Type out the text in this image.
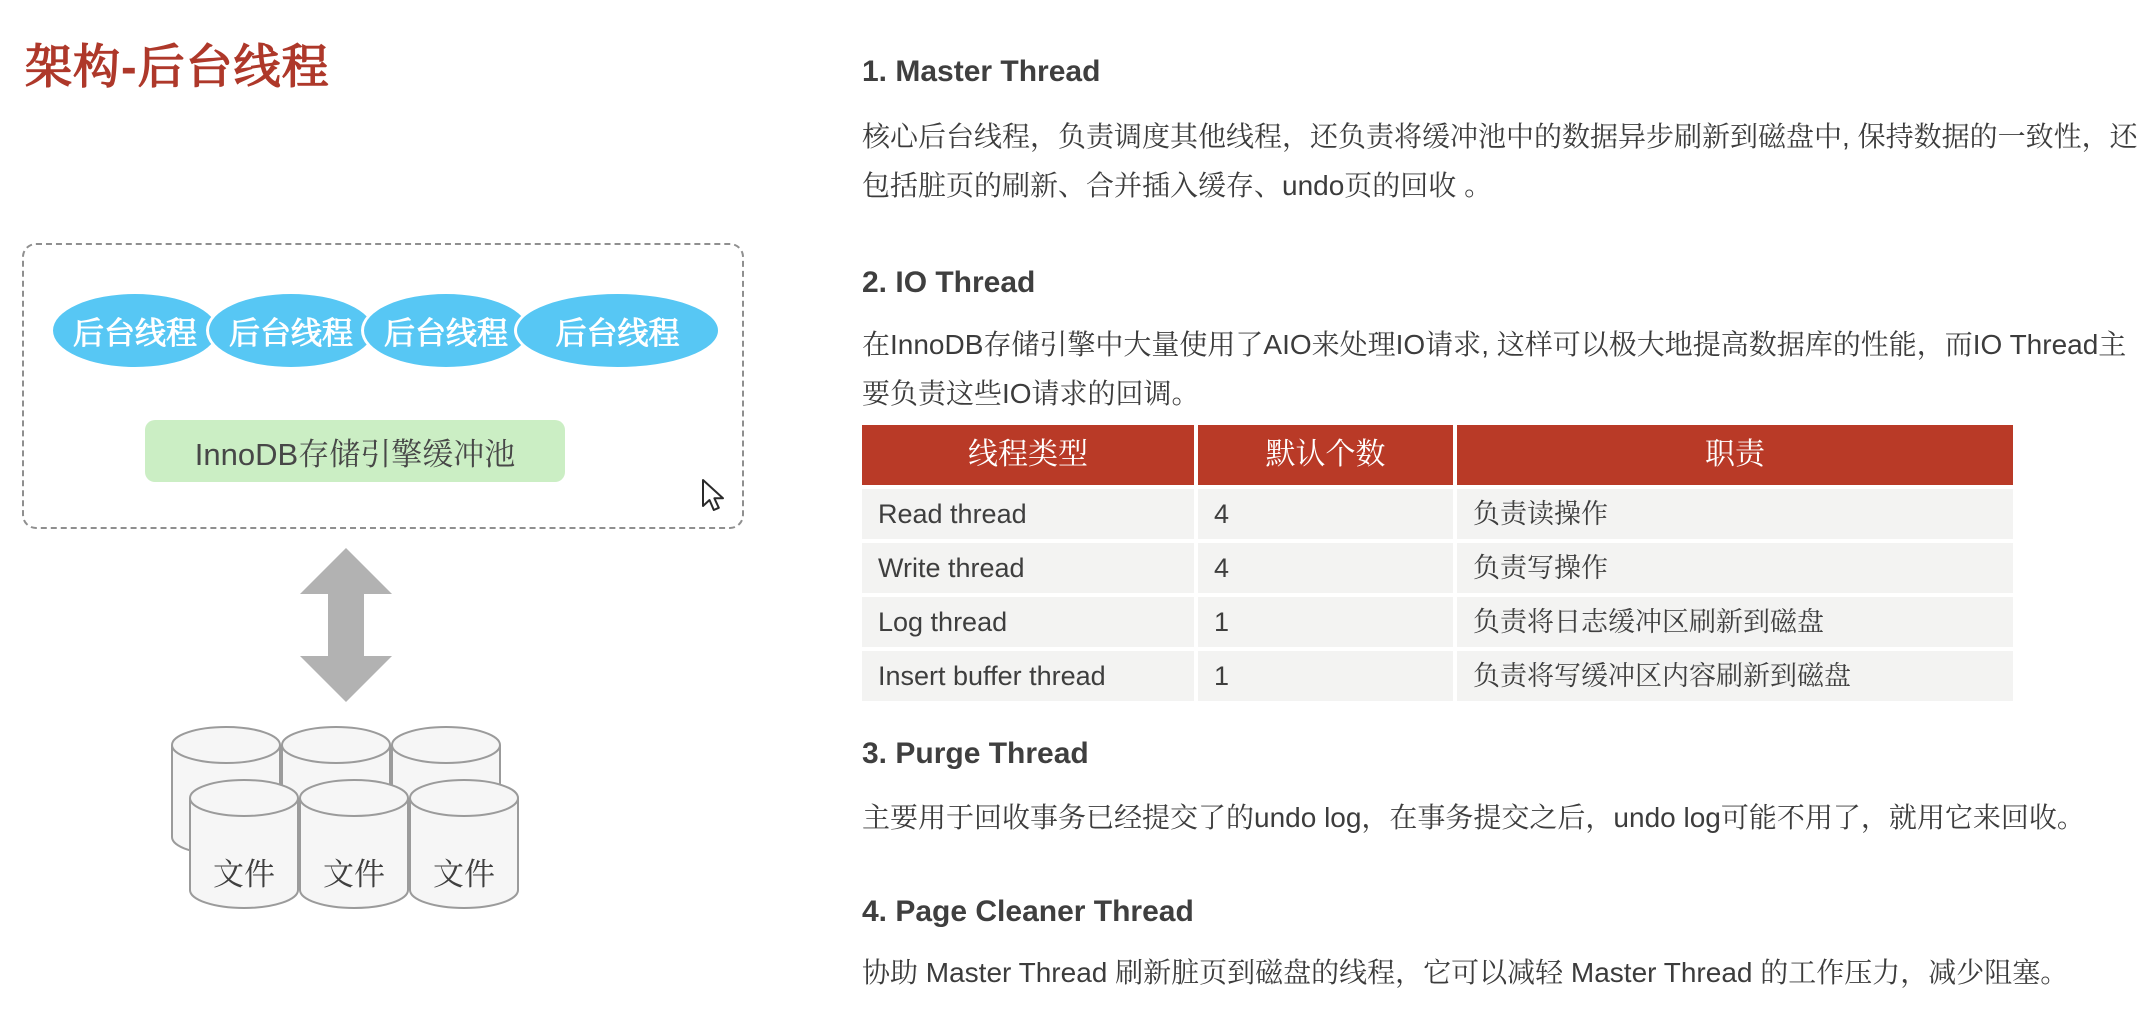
架构-后台线程
后台线程 后台线程 后台线程 后台线程
InnoDB存储引擎缓冲池
文件	文件	文件
1. Master Thread
核心后台线程，负责调度其他线程，还负责将缓冲池中的数据异步刷新到磁盘中, 保持数据的一致性，还包括脏页的刷新、合并插入缓存、undo页的回收 。
2. IO Thread
在InnoDB存储引擎中大量使用了AIO来处理IO请求, 这样可以极大地提高数据库的性能，而IO Thread主要负责这些IO请求的回调。
线程类型	默认个数	职责
Read thread	4	负责读操作
Write thread	4	负责写操作
Log thread	1	负责将日志缓冲区刷新到磁盘
Insert buffer thread	1	负责将写缓冲区内容刷新到磁盘
3. Purge Thread
主要用于回收事务已经提交了的undo log，在事务提交之后，undo log可能不用了，就用它来回收。
4. Page Cleaner Thread
协助 Master Thread 刷新脏页到磁盘的线程，它可以减轻 Master Thread 的工作压力，减少阻塞。
